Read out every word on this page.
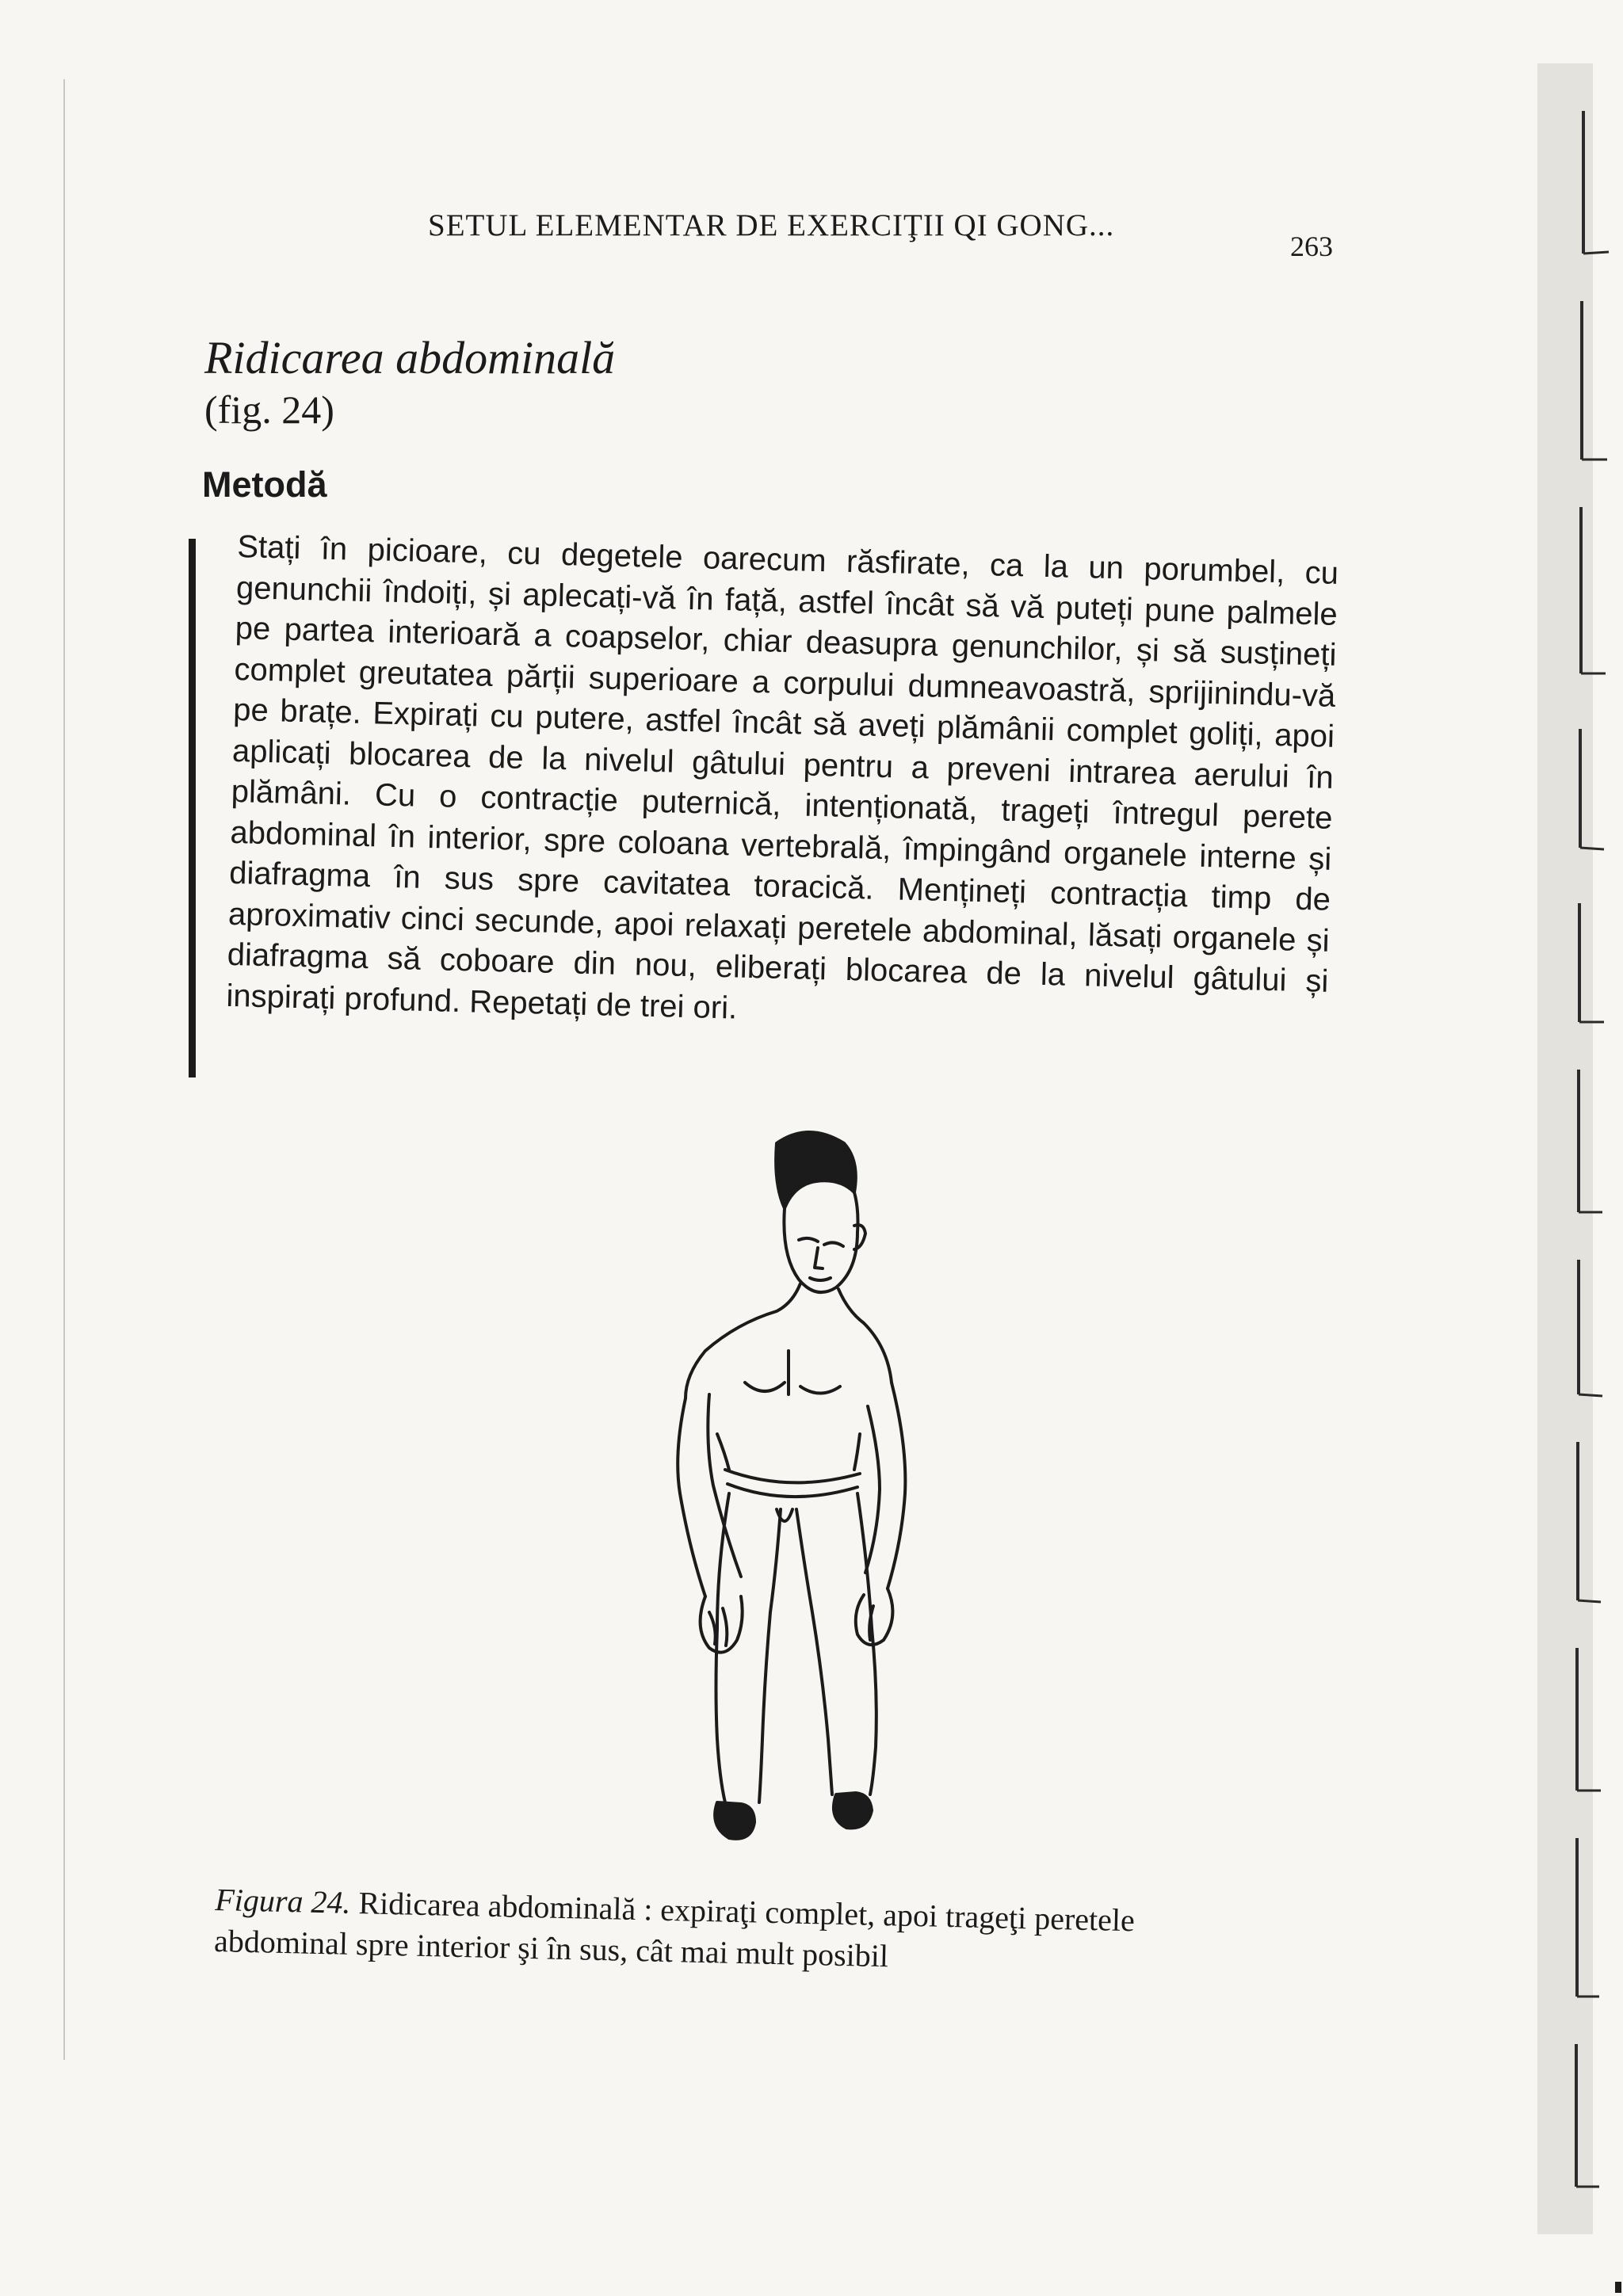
SETUL ELEMENTAR DE EXERCIŢII QI GONG...
263
Ridicarea abdominală
(fig. 24)
Metodă

Stați în picioare, cu degetele oarecum răsfirate, ca la un porumbel, cu genunchii îndoiți, și aplecați-vă în față, astfel încât să vă puteți pune palmele pe partea interioară a coapselor, chiar deasupra genunchilor, și să susțineți complet greutatea părții superioare a corpului dumneavoastră, sprijinindu-vă pe brațe. Expirați cu putere, astfel încât să aveți plămânii complet goliți, apoi aplicați blocarea de la nivelul gâtului pentru a preveni intrarea aerului în plămâni. Cu o contracție puternică, intenționată, trageți întregul perete abdominal în interior, spre coloana vertebrală, împingând organele interne și diafragma în sus spre cavitatea toracică. Mențineți contracția timp de aproximativ cinci secunde, apoi relaxați peretele abdominal, lăsați organele și diafragma să coboare din nou, eliberați blocarea de la nivelul gâtului și inspirați profund. Repetați de trei ori.

Figura 24. Ridicarea abdominală : expiraţi complet, apoi trageţi peretele abdominal spre interior şi în sus, cât mai mult posibil
